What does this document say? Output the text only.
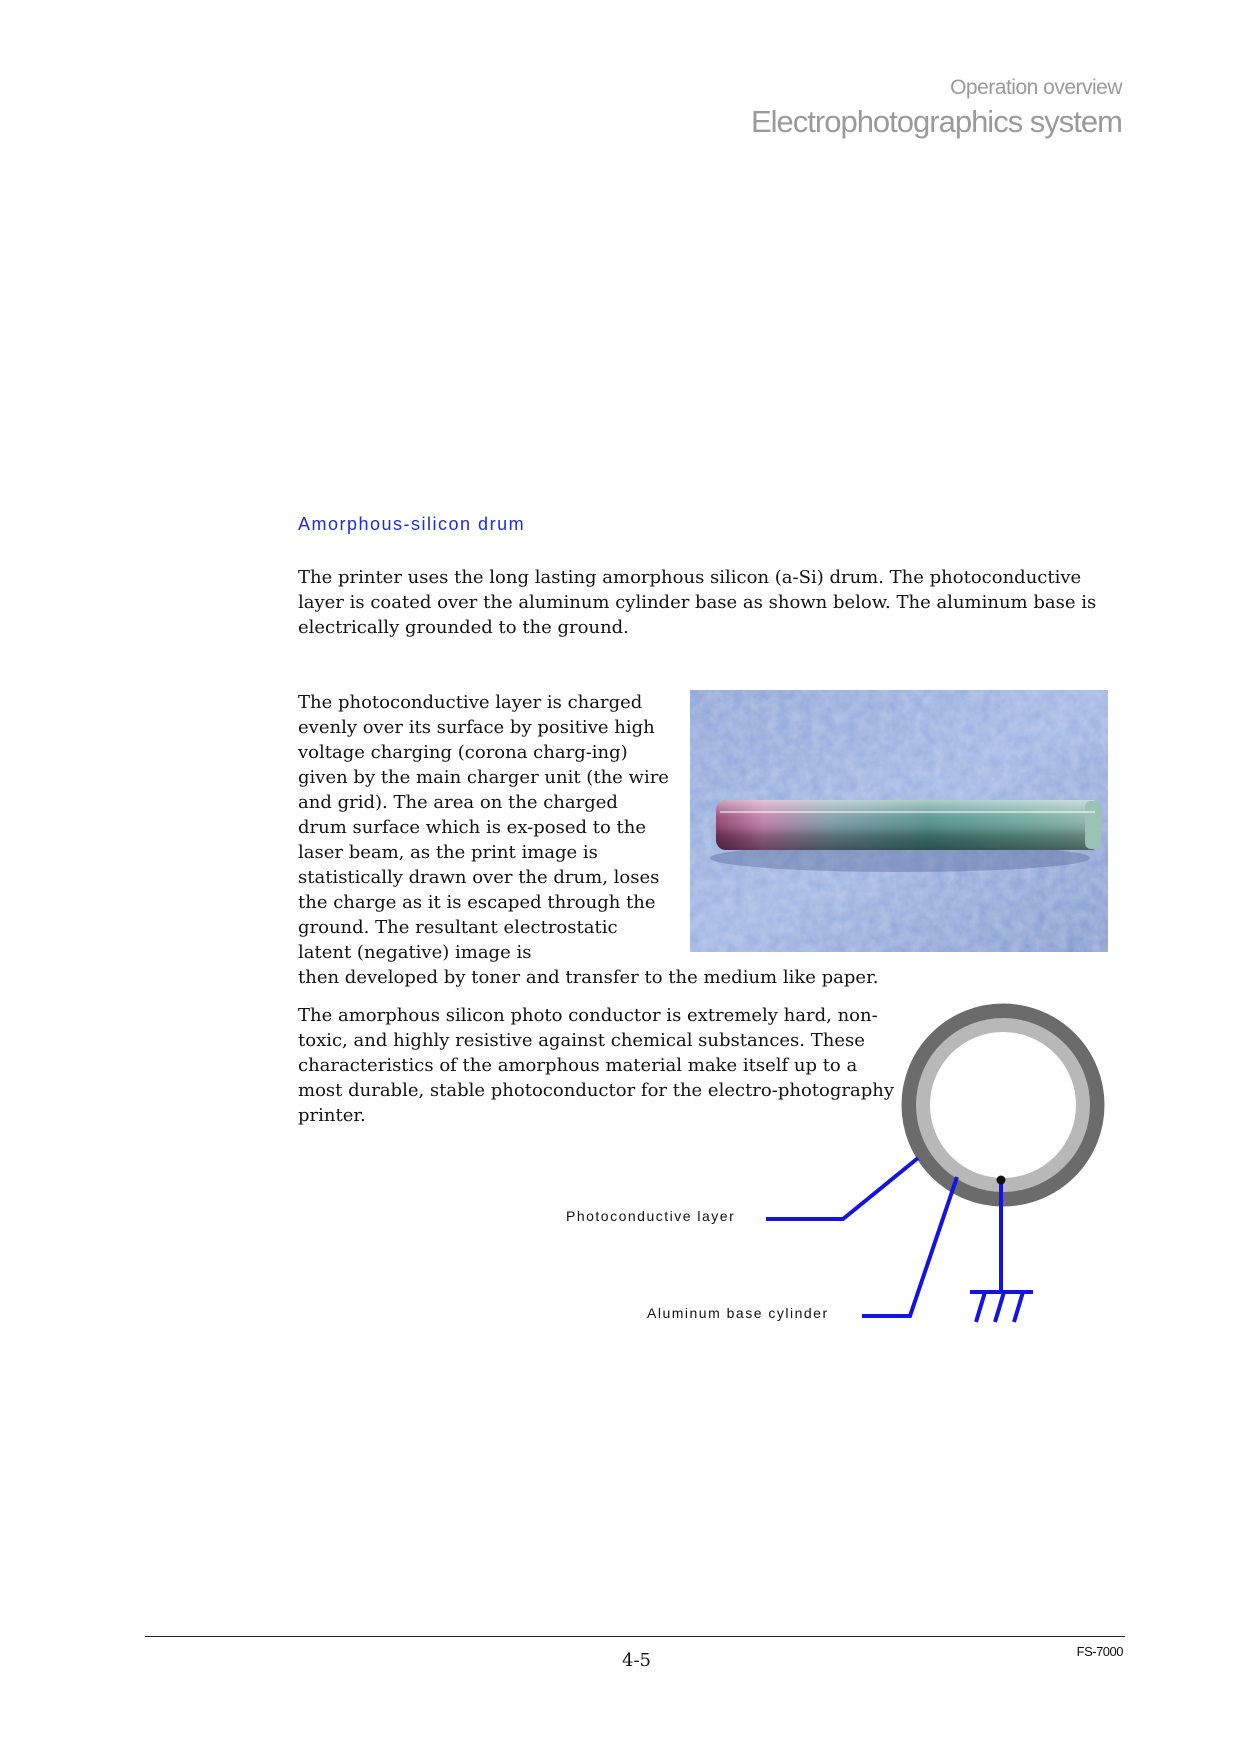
Operation overview
Electrophotographics system
Amorphous-silicon drum

The printer uses the long lasting amorphous silicon (a-Si) drum. The photoconductive layer is coated over the aluminum cylinder base as shown below. The aluminum base is electrically grounded to the ground.

The photoconductive layer is charged evenly over its surface by positive high voltage charging (corona charg-ing) given by the main charger unit (the wire and grid). The area on the charged drum surface which is ex-posed to the laser beam, as the print image is statistically drawn over the drum, loses the charge as it is escaped through the ground. The resultant electrostatic latent (negative) image is

then developed by toner and transfer to the medium like paper.

The amorphous silicon photo conductor is extremely hard, non-toxic, and highly resistive against chemical substances. These characteristics of the amorphous material make itself up to a most durable, stable photoconductor for the electro-photography printer.

Photoconductive layer
Aluminum base cylinder
4-5	FS-7000
